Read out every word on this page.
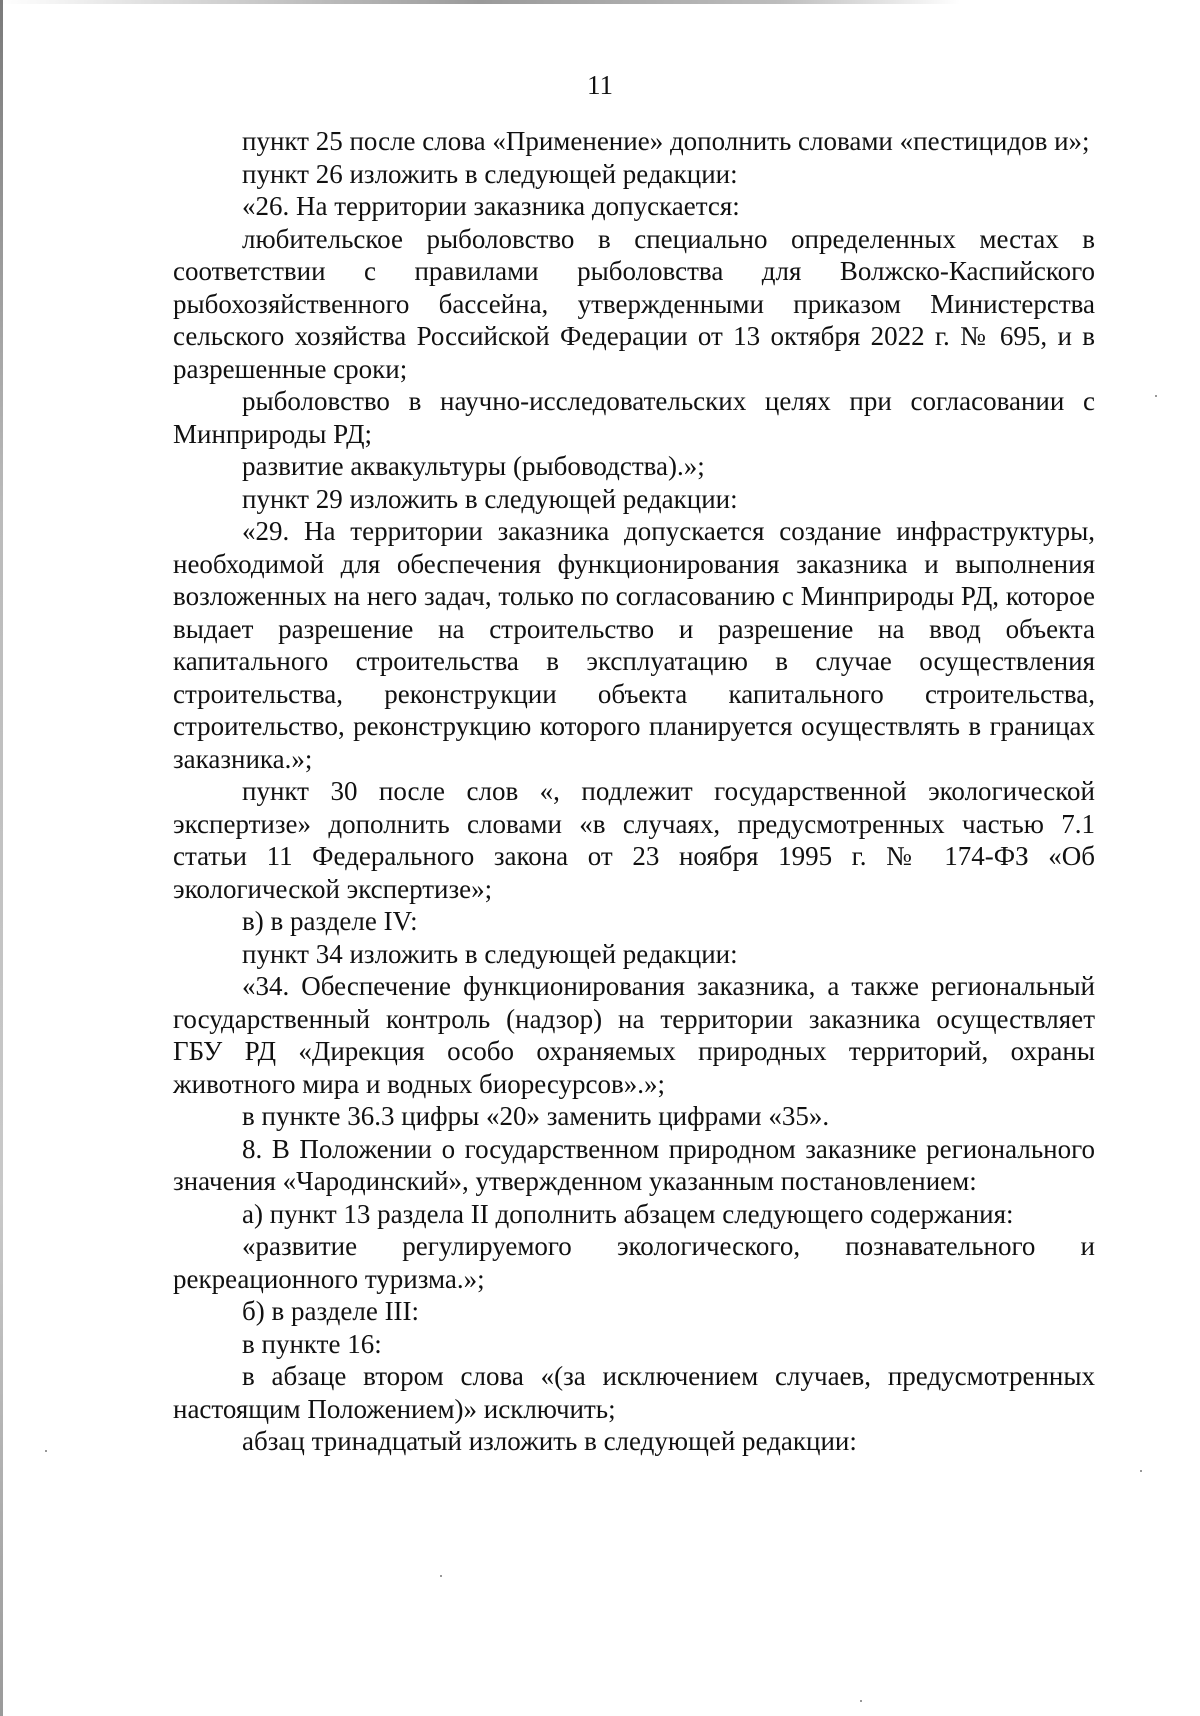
11

пункт 25 после слова «Применение» дополнить словами «пестицидов и»;

пункт 26 изложить в следующей редакции:

«26. На территории заказника допускается:

любительское рыболовство в специально определенных местах в соответствии с правилами рыболовства для Волжско-Каспийского рыбохозяйственного бассейна, утвержденными приказом Министерства сельского хозяйства Российской Федерации от 13 октября 2022 г. № 695, и в разрешенные сроки;

рыболовство в научно-исследовательских целях при согласовании с Минприроды РД;

развитие аквакультуры (рыбоводства).»;

пункт 29 изложить в следующей редакции:

«29. На территории заказника допускается создание инфраструктуры, необходимой для обеспечения функционирования заказника и выполнения возложенных на него задач, только по согласованию с Минприроды РД, которое выдает разрешение на строительство и разрешение на ввод объекта капитального строительства в эксплуатацию в случае осуществления строительства, реконструкции объекта капитального строительства, строительство, реконструкцию которого планируется осуществлять в границах заказника.»;

пункт 30 после слов «, подлежит государственной экологической экспертизе» дополнить словами «в случаях, предусмотренных частью 7.1 статьи 11 Федерального закона от 23 ноября 1995 г. № 174-ФЗ «Об экологической экспертизе»;

в) в разделе IV:

пункт 34 изложить в следующей редакции:

«34. Обеспечение функционирования заказника, а также региональный государственный контроль (надзор) на территории заказника осуществляет ГБУ РД «Дирекция особо охраняемых природных территорий, охраны животного мира и водных биоресурсов».»;

в пункте 36.3 цифры «20» заменить цифрами «35».

8. В Положении о государственном природном заказнике регионального значения «Чародинский», утвержденном указанным постановлением:

а) пункт 13 раздела II дополнить абзацем следующего содержания:

«развитие регулируемого экологического, познавательного и рекреационного туризма.»;

б) в разделе III:

в пункте 16:

в абзаце втором слова «(за исключением случаев, предусмотренных настоящим Положением)» исключить;

абзац тринадцатый изложить в следующей редакции:
